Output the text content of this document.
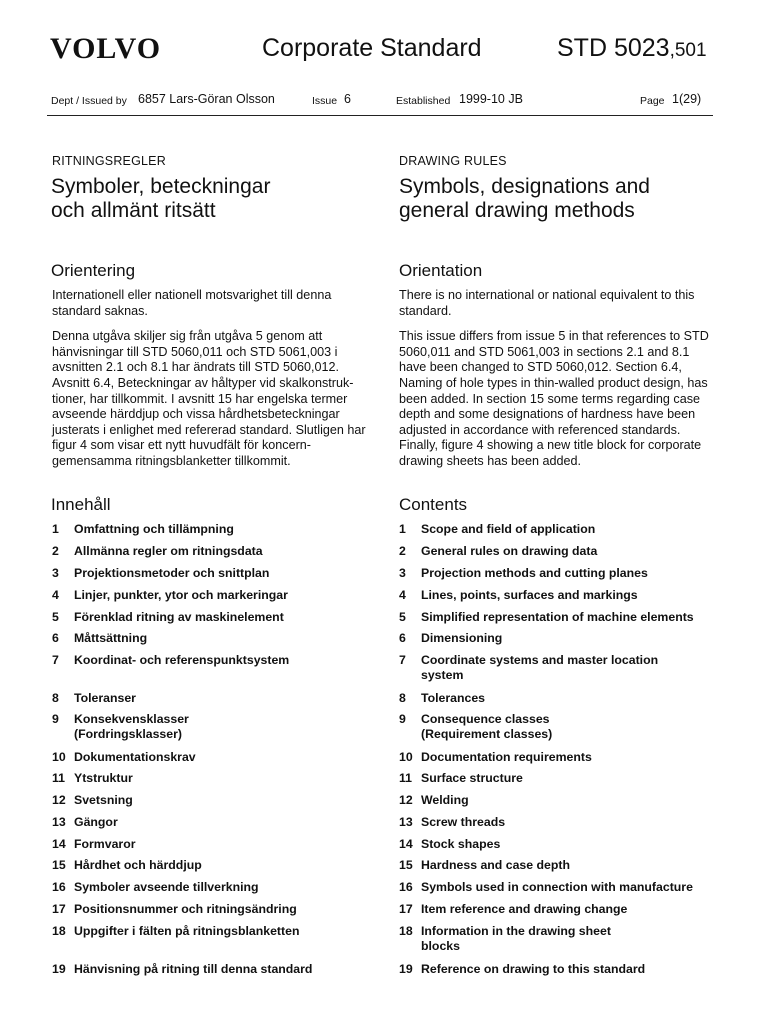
VOLVO	Corporate Standard	STD 5023,501
Dept / Issued by 6857 Lars-Göran Olsson	Issue 6	Established 1999-10 JB	Page 1(29)
RITNINGSREGLER
Symboler, beteckningar
och allmänt ritsätt
Orientering

Internationell eller nationell motsvarighet till denna standard saknas.

Denna utgåva skiljer sig från utgåva 5 genom att hänvisningar till STD 5060,011 och STD 5061,003 i avsnitten 2.1 och 8.1 har ändrats till STD 5060,012. Avsnitt 6.4, Beteckningar av håltyper vid skalkonstruktioner, har tillkommit. I avsnitt 15 har engelska termer avseende härddjup och vissa hårdhetsbeteckningar justerats i enlighet med refererad standard. Slutligen har figur 4 som visar ett nytt huvudfält för koncerngemensamma ritningsblanketter tillkommit.

Innehåll
1	Omfattning och tillämpning
2	Allmänna regler om ritningsdata
3	Projektionsmetoder och snittplan
4	Linjer, punkter, ytor och markeringar
5	Förenklad ritning av maskinelement
6	Måttsättning
7	Koordinat- och referenspunktsystem
8	Toleranser
9	Konsekvensklasser
(Fordringsklasser)
10 Dokumentationskrav
11 Ytstruktur
12 Svetsning
13 Gängor
14 Formvaror
15 Hårdhet och härddjup
16 Symboler avseende tillverkning
17 Positionsnummer och ritningsändring
18 Uppgifter i fälten på ritningsblanketten
19 Hänvisning på ritning till denna standard
DRAWING RULES
Symbols, designations and
general drawing methods
Orientation

There is no international or national equivalent to this standard.

This issue differs from issue 5 in that references to STD 5060,011 and STD 5061,003 in sections 2.1 and 8.1 have been changed to STD 5060,012. Section 6.4, Naming of hole types in thin-walled product design, has been added. In section 15 some terms regarding case depth and some designations of hardness have been adjusted in accordance with referenced standards. Finally, figure 4 showing a new title block for corporate drawing sheets has been added.

Contents
1	Scope and field of application
2	General rules on drawing data
3	Projection methods and cutting planes
4	Lines, points, surfaces and markings
5	Simplified representation of machine elements
6	Dimensioning
7	Coordinate systems and master location
system
8	Tolerances
9	Consequence classes
(Requirement classes)
10 Documentation requirements
11 Surface structure
12 Welding
13 Screw threads
14 Stock shapes
15 Hardness and case depth
16 Symbols used in connection with manufacture
17 Item reference and drawing change
18 Information in the drawing sheet
blocks
19 Reference on drawing to this standard
